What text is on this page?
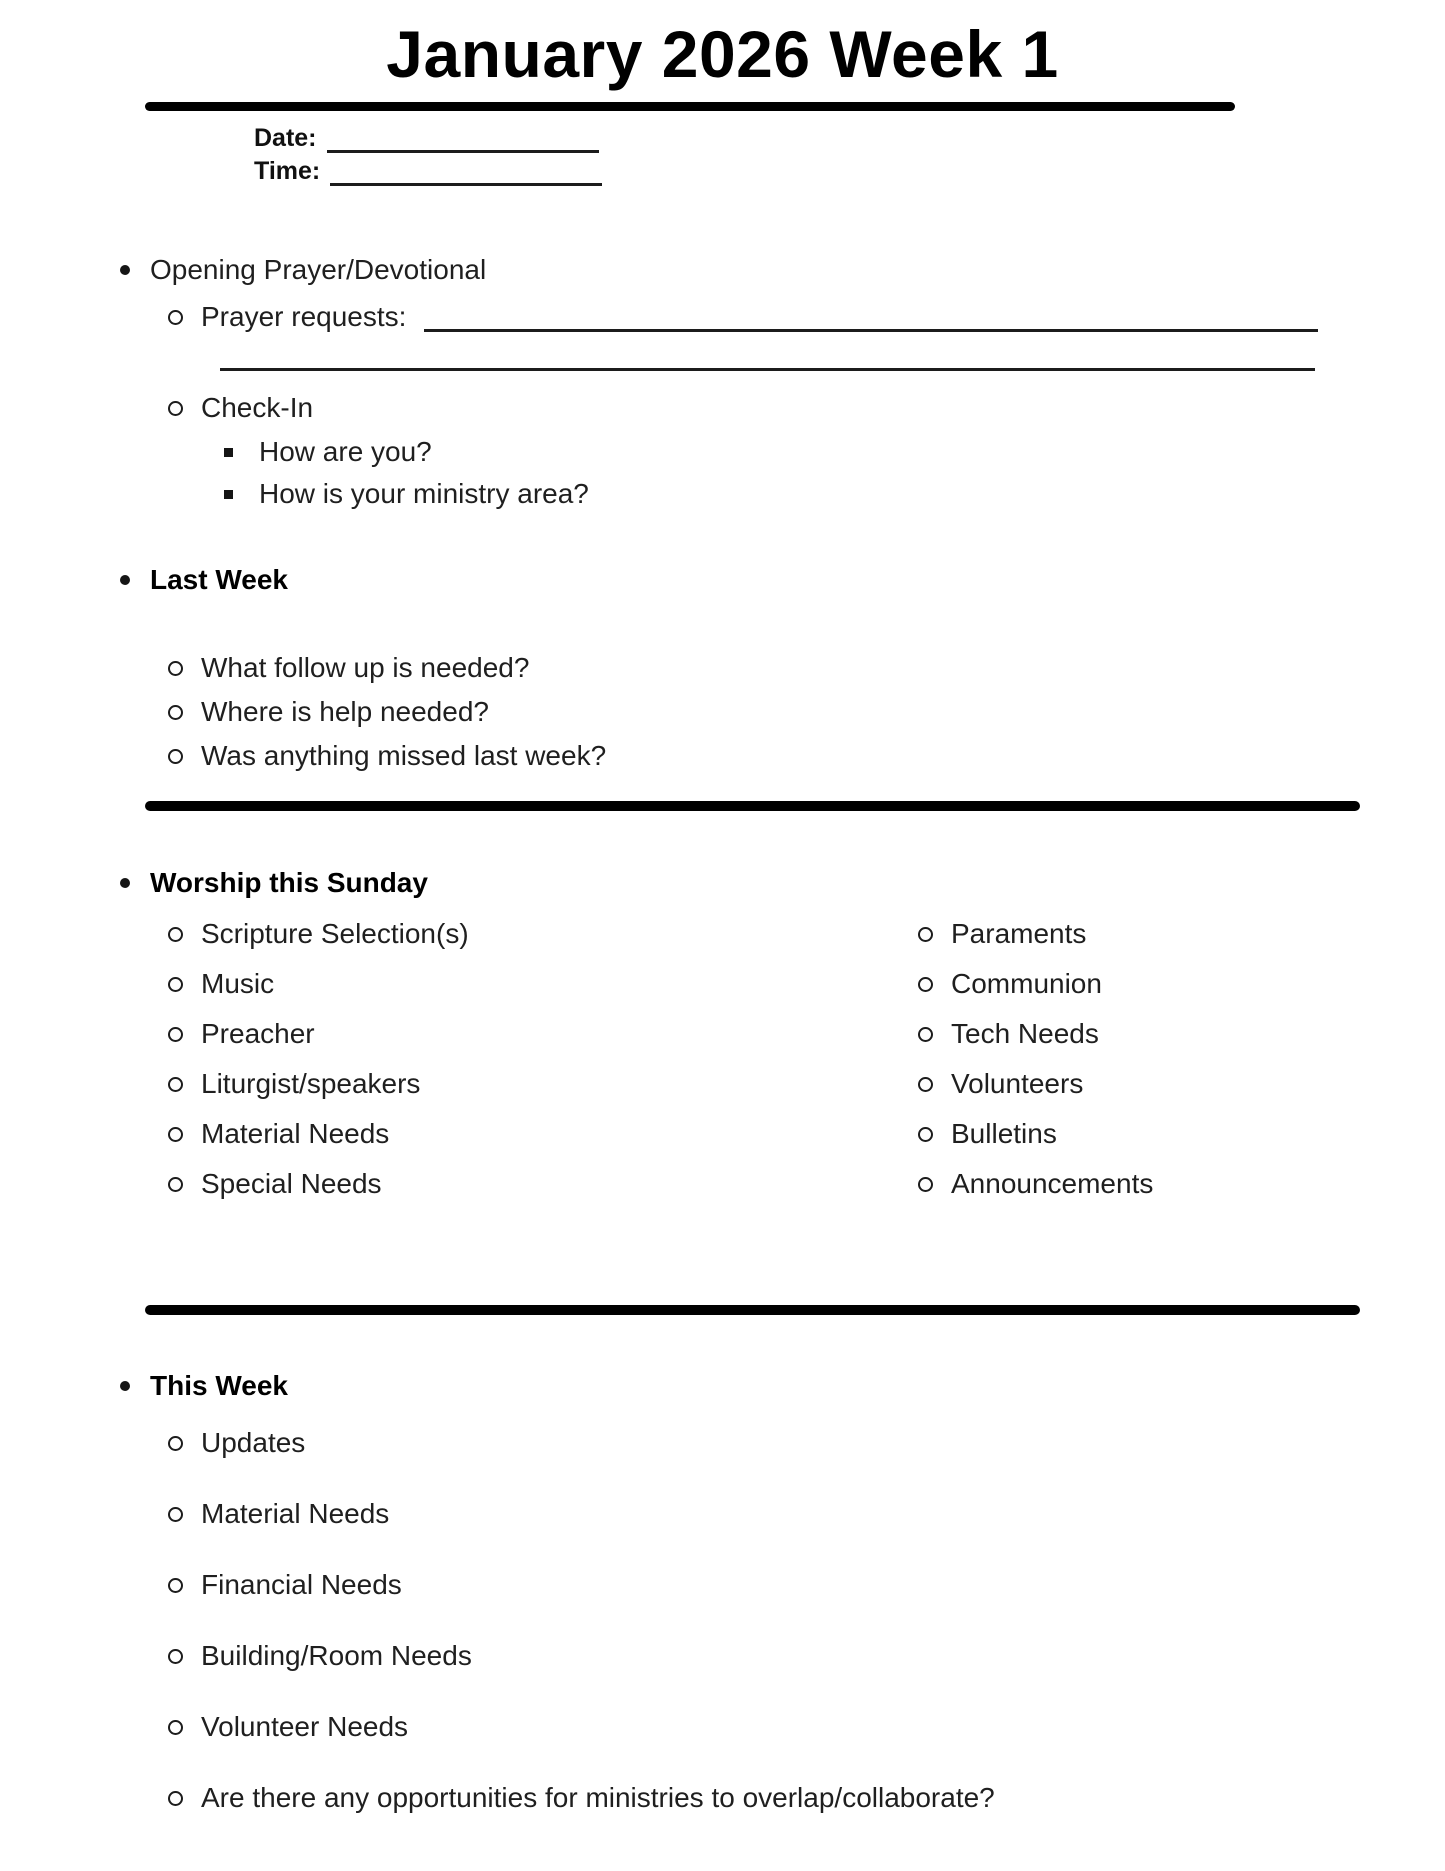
January 2026 Week 1
Date:
Time:
Opening Prayer/Devotional
Prayer requests:
Check-In
How are you?
How is your ministry area?
Last Week
What follow up is needed?
Where is help needed?
Was anything missed last week?
Worship this Sunday
Scripture Selection(s)
Music
Preacher
Liturgist/speakers
Material Needs
Special Needs
Paraments
Communion
Tech Needs
Volunteers
Bulletins
Announcements
This Week
Updates
Material Needs
Financial Needs
Building/Room Needs
Volunteer Needs
Are there any opportunities for ministries to overlap/collaborate?
